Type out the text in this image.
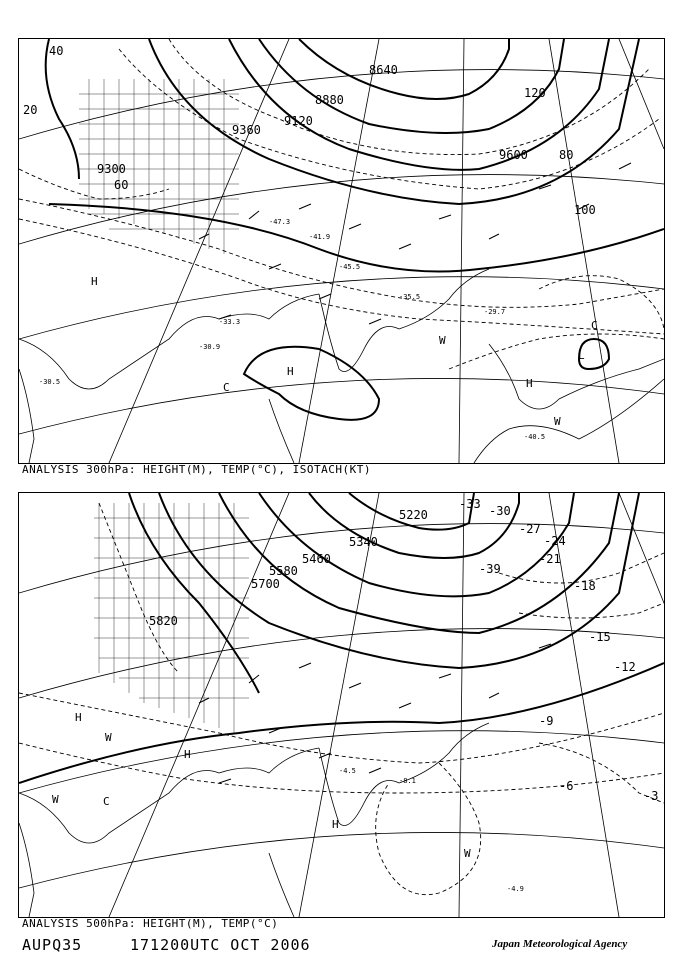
9120
9300
9360
8640
8880
9600
20
40
60
80
100
120
H
L
C
W
H
H
C
W
-41.9
-47.3
-45.5
-33.3
-30.9
-35.5
-29.7
-30.5
-40.5
ANALYSIS 300hPa: HEIGHT(M), TEMP(°C), ISOTACH(KT)
5700
5820
5580
5460
5340
5220
-12
-15
-18
-21
-24
-27
-30
-33
-39
-9
-6
-3
-4.9
-8.1
-4.5
H
H
C
W
W
W
H
ANALYSIS 500hPa: HEIGHT(M), TEMP(°C)
AUPQ35	171200UTC OCT 2006	Japan Meteorological Agency
